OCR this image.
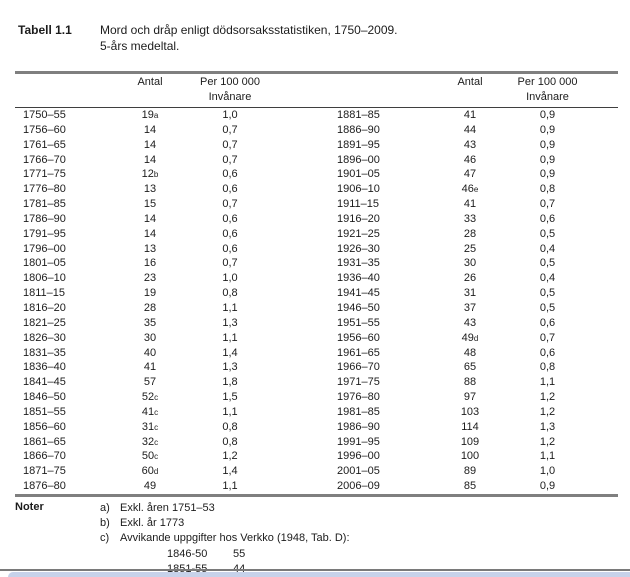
Tabell 1.1	Mord och dråp enligt dödsorsaksstatistiken, 1750–2009.
5-års medeltal.
Antal	Per 100 000	Antal	Per 100 000
Invånare	Invånare
1750–55	19a	1,0	1881–85	41	0,9
1756–60	14	0,7	1886–90	44	0,9
1761–65	14	0,7	1891–95	43	0,9
1766–70	14	0,7	1896–00	46	0,9
1771–75	12b	0,6	1901–05	47	0,9
1776–80	13	0,6	1906–10	46e	0,8
1781–85	15	0,7	1911–15	41	0,7
1786–90	14	0,6	1916–20	33	0,6
1791–95	14	0,6	1921–25	28	0,5
1796–00	13	0,6	1926–30	25	0,4
1801–05	16	0,7	1931–35	30	0,5
1806–10	23	1,0	1936–40	26	0,4
1811–15	19	0,8	1941–45	31	0,5
1816–20	28	1,1	1946–50	37	0,5
1821–25	35	1,3	1951–55	43	0,6
1826–30	30	1,1	1956–60	49d	0,7
1831–35	40	1,4	1961–65	48	0,6
1836–40	41	1,3	1966–70	65	0,8
1841–45	57	1,8	1971–75	88	1,1
1846–50	52c	1,5	1976–80	97	1,2
1851–55	41c	1,1	1981–85	103	1,2
1856–60	31c	0,8	1986–90	114	1,3
1861–65	32c	0,8	1991–95	109	1,2
1866–70	50c	1,2	1996–00	100	1,1
1871–75	60d	1,4	2001–05	89	1,0
1876–80	49	1,1	2006–09	85	0,9
Noter	a) Exkl. åren 1751–53
b) Exkl. år 1773
c) Avvikande uppgifter hos Verkko (1948, Tab. D):
1846-50 55
